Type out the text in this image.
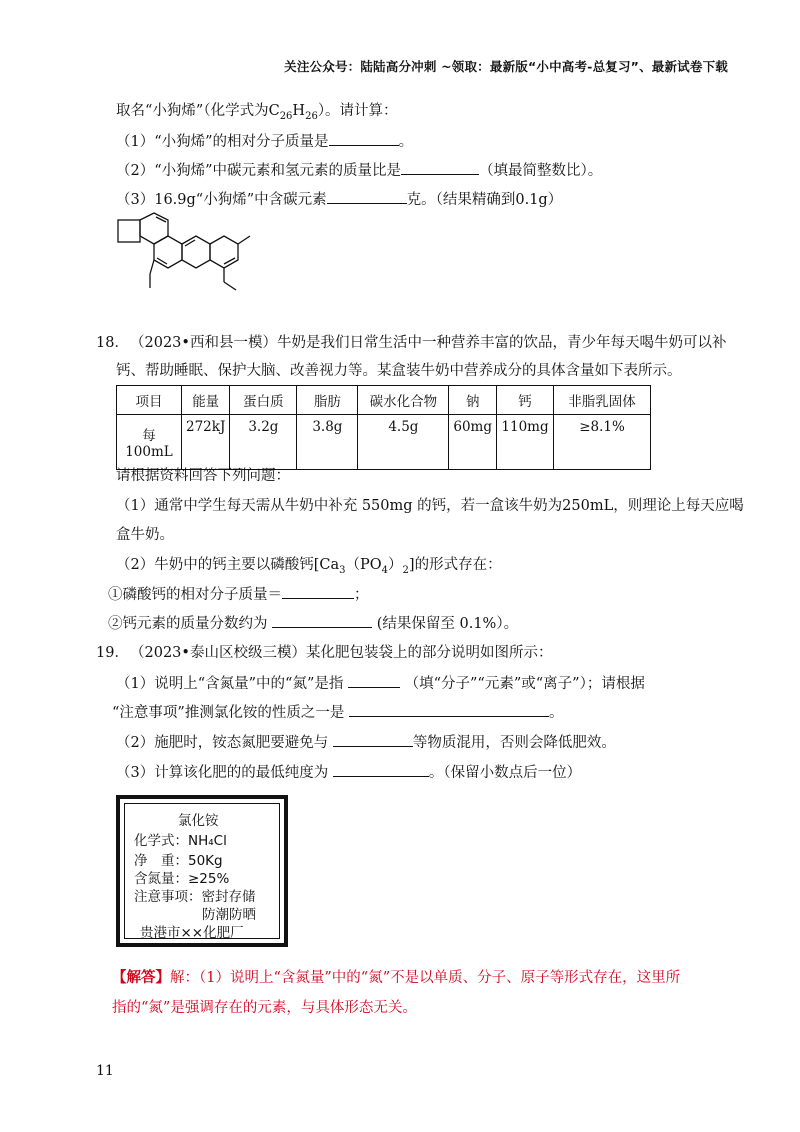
关注公众号：陆陆高分冲刺 ~领取：最新版“小中高考-总复习”、最新试卷下载
取名“小狗烯”（化学式为$C_{26}H_{26}$）。请计算：
（1）“小狗烯”的相对分子质量是	。
（2）“小狗烯”中碳元素和氢元素的质量比是	（填最简整数比）。
（3）16.9g“小狗烯”中含碳元素	克。（结果精确到0.1g）
18． （2023•西和县一模）牛奶是我们日常生活中一种营养丰富的饮品，青少年每天喝牛奶可以补
钙、帮助睡眠、保护大脑、改善视力等。某盒装牛奶中营养成分的具体含量如下表所示。
项目	能量	蛋白质	脂肪	碳水化合物	钠	钙	非脂乳固体

每
100mL	272kJ	3.2g	3.8g	4.5g	60mg	110mg	≥8.1%
请根据资料回答下列问题：
（1）通常中学生每天需从牛奶中补充 550mg 的钙，若一盒该牛奶为250mL，则理论上每天应喝
盒牛奶。
（2）牛奶中的钙主要以磷酸钙$[Ca_3(PO_4)_2]$的形式存在：
①磷酸钙的相对分子质量＝	；
②钙元素的质量分数约为	(结果保留至 0.1%）。
19． （2023•泰山区校级三模）某化肥包装袋上的部分说明如图所示：
（1）说明上“含氮量”中的“氮”是指	（填“分子”“元素”或“离子”）；请根据
“注意事项”推测氯化铵的性质之一是	。
（2）施肥时，铵态氮肥要避免与	等物质混用，否则会降低肥效。
（3）计算该化肥的的最低纯度为	。（保留小数点后一位）
氯化铵
化学式：NH₄Cl
净　重：50Kg
含氮量：≥25%
注意事项：密封存储
防潮防晒
贵港市××化肥厂
【解答】解：（1）说明上“含氮量”中的“氮”不是以单质、分子、原子等形式存在，这里所
指的“氮”是强调存在的元素，与具体形态无关。
11
